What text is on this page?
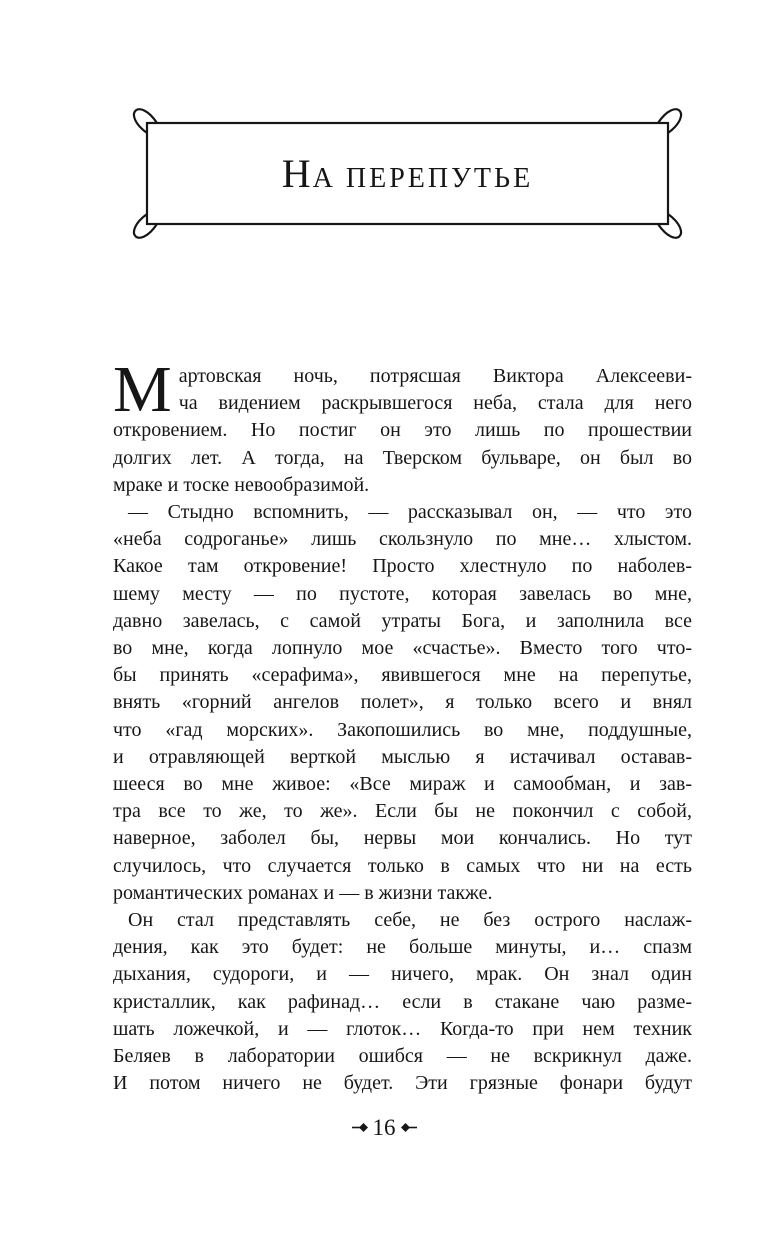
Н А ПЕРЕПУТЬЕ
М артовская ночь, потрясшая Виктора Алексееви-
ча видением раскрывшегося неба, стала для него
откровением. Но постиг он это лишь по прошествии
долгих лет. А тогда, на Тверском бульваре, он был во
мраке и тоске невообразимой.
— Стыдно вспомнить, — рассказывал он, — что это
«неба содроганье» лишь скользнуло по мне… хлыстом.
Какое там откровение! Просто хлестнуло по наболев-
шему месту — по пустоте, которая завелась во мне,
давно завелась, с самой утраты Бога, и заполнила все
во мне, когда лопнуло мое «счастье». Вместо того что-
бы принять «серафима», явившегося мне на перепутье,
внять «горний ангелов полет», я только всего и внял
что «гад морских». Закопошились во мне, поддушные,
и отравляющей верткой мыслью я истачивал оставав-
шееся во мне живое: «Все мираж и самообман, и зав-
тра все то же, то же». Если бы не покончил с собой,
наверное, заболел бы, нервы мои кончались. Но тут
случилось, что случается только в самых что ни на есть
романтических романах и — в жизни также.
Он стал представлять себе, не без острого наслаж-
дения, как это будет: не больше минуты, и… спазм
дыхания, судороги, и — ничего, мрак. Он знал один
кристаллик, как рафинад… если в стакане чаю разме-
шать ложечкой, и — глоток… Когда-то при нем техник
Беляев в лаборатории ошибся — не вскрикнул даже.
И потом ничего не будет. Эти грязные фонари будут
16
